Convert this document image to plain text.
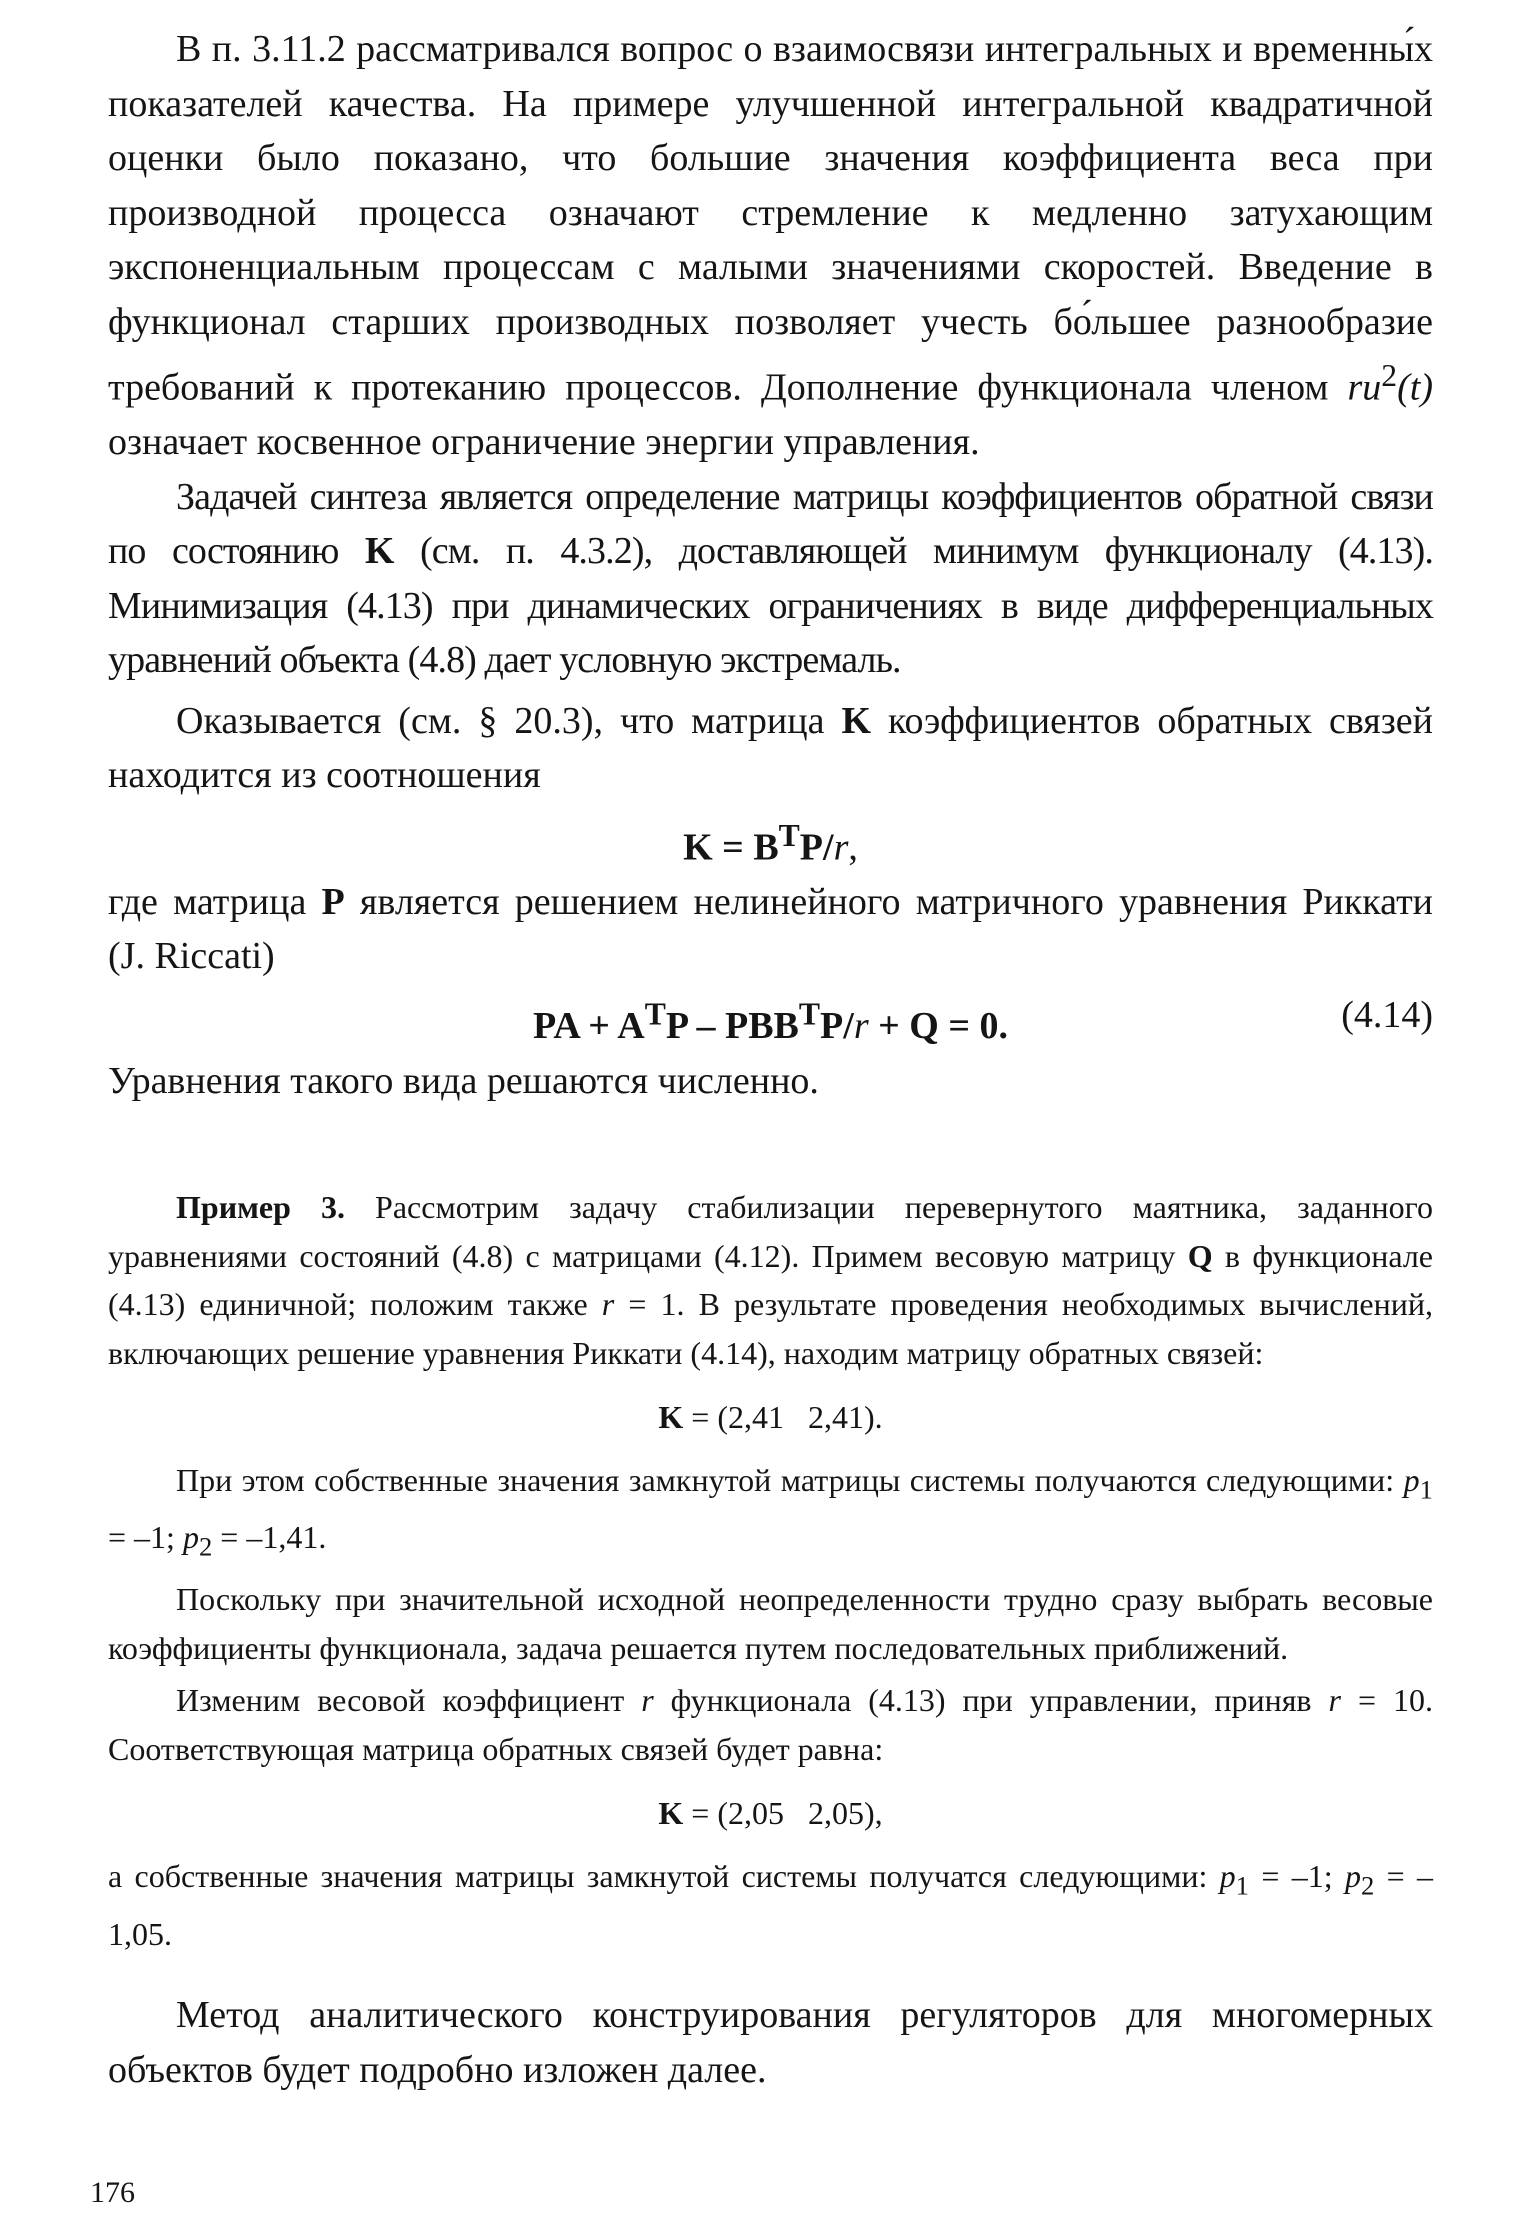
В п. 3.11.2 рассматривался вопрос о взаимосвязи интегральных и временны́х показателей качества. На примере улучшенной интегральной квадратичной оценки было показано, что большие значения коэффициента веса при производной процесса означают стремление к медленно затухающим экспоненциальным процессам с малыми значениями скоростей. Введение в функционал старших производных позволяет учесть бо́льшее разнообразие требований к протеканию процессов. Дополнение функционала членом $ru^2(t)$ означает косвенное ограничение энергии управления.

Задачей синтеза является определение матрицы коэффициентов обратной связи по состоянию K (см. п. 4.3.2), доставляющей минимум функционалу (4.13). Минимизация (4.13) при динамических ограничениях в виде дифференциальных уравнений объекта (4.8) дает условную экстремаль.

Оказывается (см. § 20.3), что матрица K коэффициентов обратных связей находится из соотношения

$K = B^TP/r$,

где матрица P является решением нелинейного матричного уравнения Риккати (J. Riccati)

PA + $A^TP - PBB^TP/r + Q = 0$.	(4.14)

Уравнения такого вида решаются численно.

Пример 3. Рассмотрим задачу стабилизации перевернутого маятника, заданного уравнениями состояний (4.8) с матрицами (4.12). Примем весовую матрицу Q в функционале (4.13) единичной; положим также r = 1. В результате проведения необходимых вычислений, включающих решение уравнения Риккати (4.14), находим матрицу обратных связей:

K = (2,41   2,41).

При этом собственные значения замкнутой матрицы системы получаются следующими: $p_1 = -1$; $p_2 = -1,41$.

Поскольку при значительной исходной неопределенности трудно сразу выбрать весовые коэффициенты функционала, задача решается путем последовательных приближений.

Изменим весовой коэффициент r функционала (4.13) при управлении, приняв r = 10. Соответствующая матрица обратных связей будет равна:

K = (2,05   2,05),

а собственные значения матрицы замкнутой системы получатся следующими: $p_1 = -1$; $p_2 = -1,05$.

Метод аналитического конструирования регуляторов для многомерных объектов будет подробно изложен далее.

176
